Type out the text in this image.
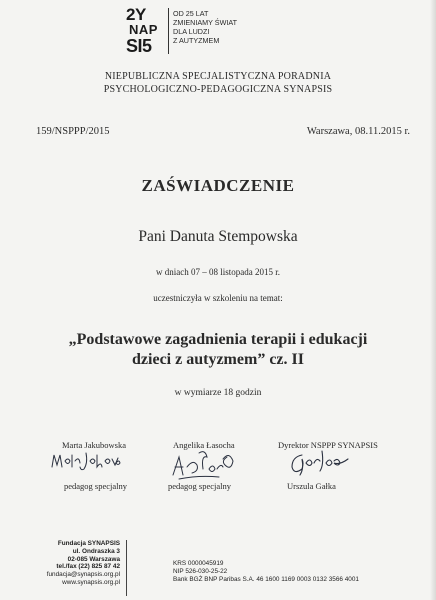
2Y
NAP
SI5
OD 25 LAT
ZMIENIAMY ŚWIAT
DLA LUDZI
Z AUTYZMEM
NIEPUBLICZNA SPECJALISTYCZNA PORADNIA
PSYCHOLOGICZNO-PEDAGOGICZNA SYNAPSIS
159/NSPPP/2015	Warszawa, 08.11.2015 r.
ZAŚWIADCZENIE
Pani Danuta Stempowska
w dniach 07 – 08 listopada 2015 r.
uczestniczyła w szkoleniu na temat:
„Podstawowe zagadnienia terapii i edukacji
dzieci z autyzmem” cz. II
w wymiarze 18 godzin
Marta Jakubowska
pedagog specjalny
Angelika Łasocha
pedagog specjalny
Dyrektor NSPPP SYNAPSIS
Urszula Gałka
Fundacja SYNAPSIS
ul. Ondraszka 3
02-085 Warszawa
tel./fax (22) 825 87 42
fundacja@synapsis.org.pl
www.synapsis.org.pl
KRS 0000045919
NIP 526-030-25-22
Bank BGŻ BNP Paribas S.A. 46 1600 1169 0003 0132 3566 4001
